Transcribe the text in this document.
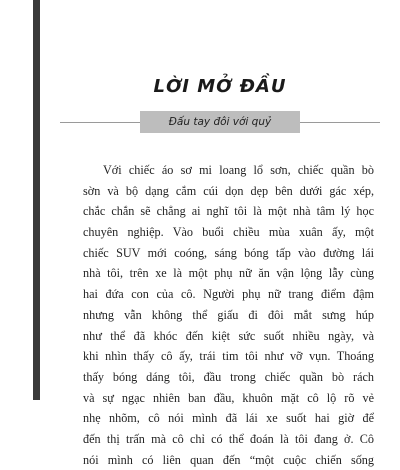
LỜI MỞ ĐẦU
Đấu tay đôi với quỷ
Với chiếc áo sơ mi loang lổ sơn, chiếc quần bò
sờn và bộ dạng cắm cúi dọn dẹp bên dưới gác xép,
chắc chắn sẽ chẳng ai nghĩ tôi là một nhà tâm lý học
chuyên nghiệp. Vào buổi chiều mùa xuân ấy, một
chiếc SUV mới coóng, sáng bóng tấp vào đường lái
nhà tôi, trên xe là một phụ nữ ăn vận lộng lẫy cùng
hai đứa con của cô. Người phụ nữ trang điểm đậm
nhưng vẫn không thể giấu đi đôi mắt sưng húp
như thể đã khóc đến kiệt sức suốt nhiều ngày, và
khi nhìn thấy cô ấy, trái tim tôi như vỡ vụn. Thoáng
thấy bóng dáng tôi, đầu trong chiếc quần bò rách
và sự ngạc nhiên ban đầu, khuôn mặt cô lộ rõ vẻ
nhẹ nhõm, cô nói mình đã lái xe suốt hai giờ để
đến thị trấn mà cô chỉ có thể đoán là tôi đang ở. Cô
nói mình có liên quan đến “một cuộc chiến sống
